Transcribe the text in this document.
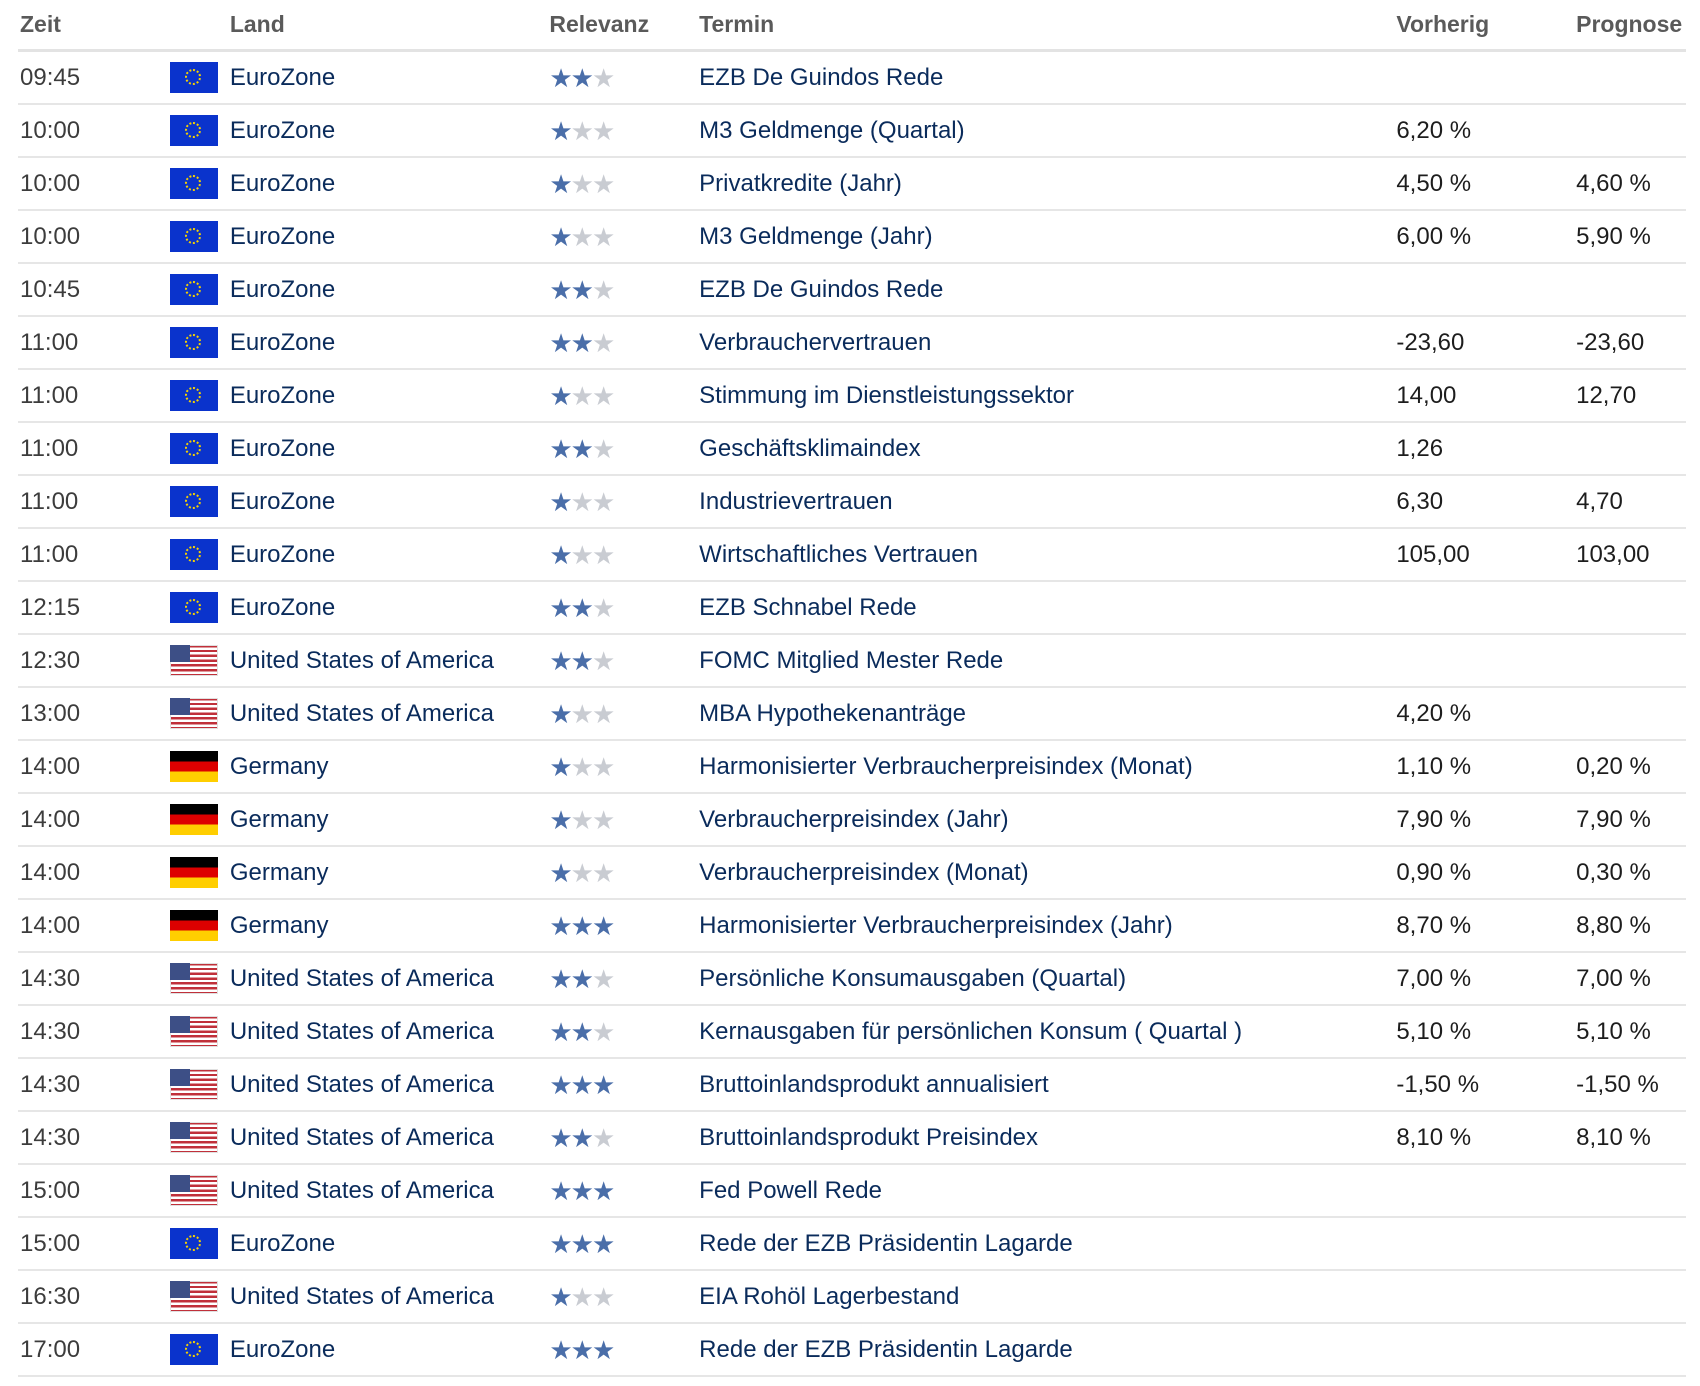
Zeit	Land	Relevanz	Termin	Vorherig	Prognose
09:45	EuroZone	★★★	EZB De Guindos Rede
10:00	EuroZone	★★★	M3 Geldmenge (Quartal)	6,20 %
10:00	EuroZone	★★★	Privatkredite (Jahr)	4,50 %	4,60 %
10:00	EuroZone	★★★	M3 Geldmenge (Jahr)	6,00 %	5,90 %
10:45	EuroZone	★★★	EZB De Guindos Rede
11:00	EuroZone	★★★	Verbrauchervertrauen	-23,60	-23,60
11:00	EuroZone	★★★	Stimmung im Dienstleistungssektor	14,00	12,70
11:00	EuroZone	★★★	Geschäftsklimaindex	1,26
11:00	EuroZone	★★★	Industrievertrauen	6,30	4,70
11:00	EuroZone	★★★	Wirtschaftliches Vertrauen	105,00	103,00
12:15	EuroZone	★★★	EZB Schnabel Rede
12:30	United States of America ★★★	FOMC Mitglied Mester Rede
13:00	United States of America ★★★	MBA Hypothekenanträge	4,20 %
14:00	Germany	★★★	Harmonisierter Verbraucherpreisindex (Monat)	1,10 %	0,20 %
14:00	Germany	★★★	Verbraucherpreisindex (Jahr)	7,90 %	7,90 %
14:00	Germany	★★★	Verbraucherpreisindex (Monat)	0,90 %	0,30 %
14:00	Germany	★★★	Harmonisierter Verbraucherpreisindex (Jahr)	8,70 %	8,80 %
14:30	United States of America ★★★	Persönliche Konsumausgaben (Quartal)	7,00 %	7,00 %
14:30	United States of America ★★★	Kernausgaben für persönlichen Konsum ( Quartal )	5,10 %	5,10 %
14:30	United States of America ★★★	Bruttoinlandsprodukt annualisiert	-1,50 %	-1,50 %
14:30	United States of America ★★★	Bruttoinlandsprodukt Preisindex	8,10 %	8,10 %
15:00	United States of America ★★★	Fed Powell Rede
15:00	EuroZone	★★★	Rede der EZB Präsidentin Lagarde
16:30	United States of America ★★★	EIA Rohöl Lagerbestand
17:00	EuroZone	★★★	Rede der EZB Präsidentin Lagarde
